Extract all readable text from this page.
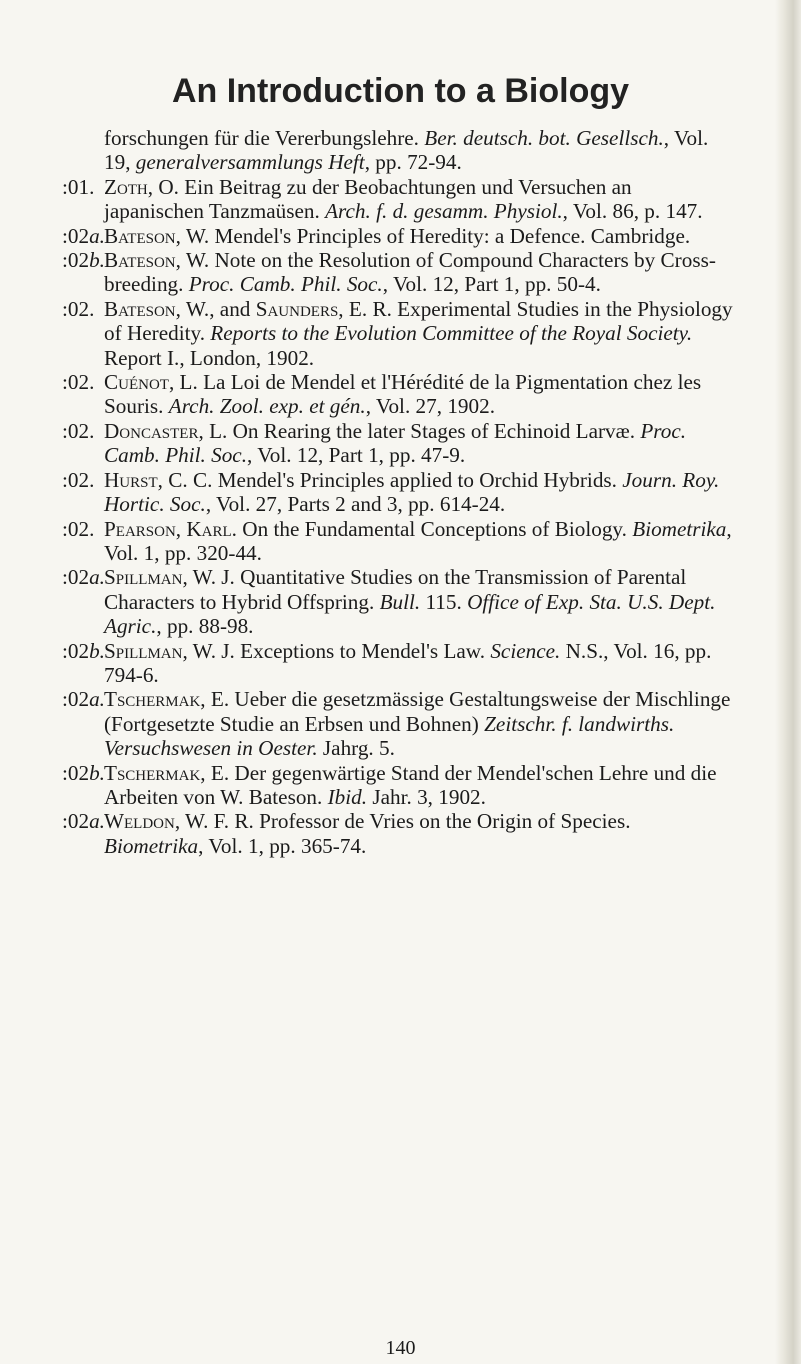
An Introduction to a Biology
forschungen für die Vererbungslehre. Ber. deutsch. bot. Gesellsch., Vol. 19, generalversammlungs Heft, pp. 72-94.
:01. Zoth, O. Ein Beitrag zu der Beobachtungen und Versuchen an japanischen Tanzmaüsen. Arch. f. d. gesamm. Physiol., Vol. 86, p. 147.
:02a.Bateson, W. Mendel's Principles of Heredity: a Defence. Cambridge.
:02b.Bateson, W. Note on the Resolution of Compound Characters by Cross-breeding. Proc. Camb. Phil. Soc., Vol. 12, Part 1, pp. 50-4.
:02. Bateson, W., and Saunders, E. R. Experimental Studies in the Physiology of Heredity. Reports to the Evolution Committee of the Royal Society. Report I., London, 1902.
:02. Cuénot, L. La Loi de Mendel et l'Hérédité de la Pigmentation chez les Souris. Arch. Zool. exp. et gén., Vol. 27, 1902.
:02. Doncaster, L. On Rearing the later Stages of Echinoid Larvæ. Proc. Camb. Phil. Soc., Vol. 12, Part 1, pp. 47-9.
:02. Hurst, C. C. Mendel's Principles applied to Orchid Hybrids. Journ. Roy. Hortic. Soc., Vol. 27, Parts 2 and 3, pp. 614-24.
:02. Pearson, Karl. On the Fundamental Conceptions of Biology. Biometrika, Vol. 1, pp. 320-44.
:02a.Spillman, W. J. Quantitative Studies on the Transmission of Parental Characters to Hybrid Offspring. Bull. 115. Office of Exp. Sta. U.S. Dept. Agric., pp. 88-98.
:02b.Spillman, W. J. Exceptions to Mendel's Law. Science. N.S., Vol. 16, pp. 794-6.
:02a.Tschermak, E. Ueber die gesetzmässige Gestaltungsweise der Mischlinge (Fortgesetzte Studie an Erbsen und Bohnen) Zeitschr. f. landwirths. Versuchswesen in Oester. Jahrg. 5.
:02b.Tschermak, E. Der gegenwärtige Stand der Mendel'schen Lehre und die Arbeiten von W. Bateson. Ibid. Jahr. 3, 1902.
:02a.Weldon, W. F. R. Professor de Vries on the Origin of Species. Biometrika, Vol. 1, pp. 365-74.
140
